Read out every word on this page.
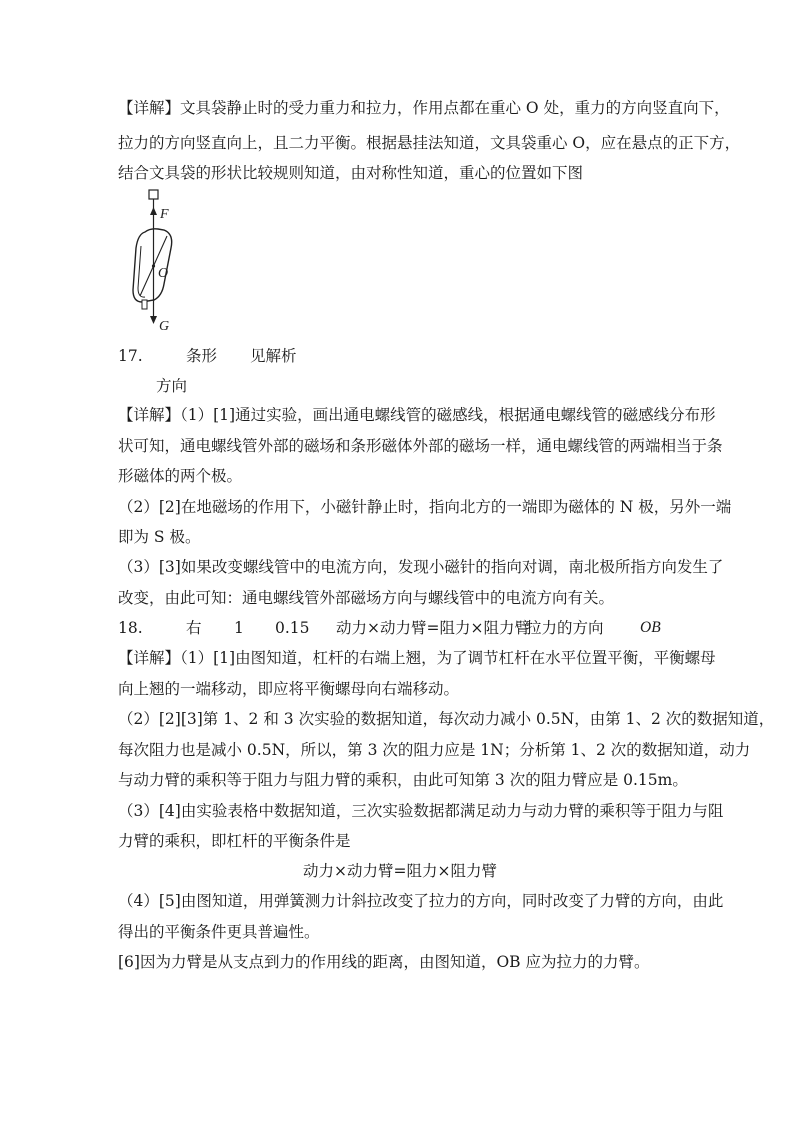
【详解】文具袋静止时的受力重力和拉力，作用点都在重心 O 处，重力的方向竖直向下，
拉力的方向竖直向上，且二力平衡。根据悬挂法知道，文具袋重心 O，应在悬点的正下方，
结合文具袋的形状比较规则知道，由对称性知道，重心的位置如下图
F
O
G
17.	条形 见解析
方向
【详解】（1）[1]通过实验，画出通电螺线管的磁感线，根据通电螺线管的磁感线分布形
状可知，通电螺线管外部的磁场和条形磁体外部的磁场一样，通电螺线管的两端相当于条
形磁体的两个极。
（2）[2]在地磁场的作用下，小磁针静止时，指向北方的一端即为磁体的 N 极，另外一端
即为 S 极。
（3）[3]如果改变螺线管中的电流方向，发现小磁针的指向对调，南北极所指方向发生了
改变，由此可知：通电螺线管外部磁场方向与螺线管中的电流方向有关。
18.	右 1 0.15 动力×动力臂=阻力×阻力臂
拉力的方向 OB
【详解】（1）[1]由图知道，杠杆的右端上翘，为了调节杠杆在水平位置平衡，平衡螺母
向上翘的一端移动，即应将平衡螺母向右端移动。
（2）[2][3]第 1、2 和 3 次实验的数据知道，每次动力减小 0.5N，由第 1、2 次的数据知道，
每次阻力也是减小 0.5N，所以，第 3 次的阻力应是 1N；分析第 1、2 次的数据知道，动力
与动力臂的乘积等于阻力与阻力臂的乘积，由此可知第 3 次的阻力臂应是 0.15m。
（3）[4]由实验表格中数据知道，三次实验数据都满足动力与动力臂的乘积等于阻力与阻
力臂的乘积，即杠杆的平衡条件是
动力×动力臂=阻力×阻力臂
（4）[5]由图知道，用弹簧测力计斜拉改变了拉力的方向，同时改变了力臂的方向，由此
得出的平衡条件更具普遍性。
[6]因为力臂是从支点到力的作用线的距离，由图知道，OB 应为拉力的力臂。
